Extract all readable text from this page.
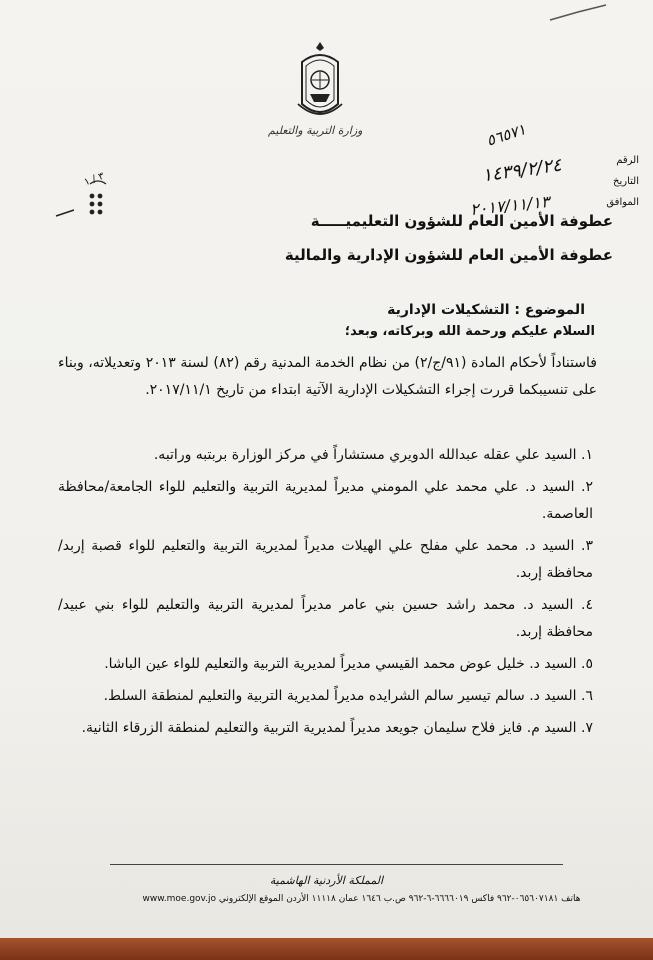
وزارة التربية والتعليم	٥٦٥٧١
١٤٣٩/٢/٢٤
٢٠١٧/١١/١٣
الرقم
التاريخ
الموافق
٣ / ١
عطوفة الأمين العام للشؤون التعليميـــــة
عطوفة الأمين العام للشؤون الإدارية والمالية
الموضوع : التشكيلات الإدارية
السلام عليكم ورحمة الله وبركاته، وبعد؛
فاستناداً لأحكام المادة (٩١/ج/٢) من نظام الخدمة المدنية رقم (٨٢) لسنة ٢٠١٣ وتعديلاته، وبناء على تنسيبكما قررت إجراء التشكيلات الإدارية الآتية ابتداء من تاريخ ٢٠١٧/١١/١.
١. السيد علي عقله عبدالله الدويري مستشاراً في مركز الوزارة بربتبه وراتبه.
٢. السيد د. علي محمد علي المومني مديراً لمديرية التربية والتعليم للواء الجامعة/محافظة العاصمة.
٣. السيد د. محمد علي مفلح علي الهيلات مديراً لمديرية التربية والتعليم للواء قصبة إربد/محافظة إربد.
٤. السيد د. محمد راشد حسين بني عامر مديراً لمديرية التربية والتعليم للواء بني عبيد/محافظة إربد.
٥. السيد د. خليل عوض محمد القيسي مديراً لمديرية التربية والتعليم للواء عين الباشا.
٦. السيد د. سالم تيسير سالم الشرايده مديراً لمديرية التربية والتعليم لمنطقة السلط.
٧. السيد م. فايز فلاح سليمان جويعد مديراً لمديرية التربية والتعليم لمنطقة الزرقاء الثانية.
المملكة الأردنية الهاشمية
هاتف ٠٦٥٦٠٧١٨١-٩٦٢ فاكس ٦٦٦٦٠١٩-٦-٩٦٢ ص.ب ١٦٤٦ عمان ١١١١٨ الأردن الموقع الإلكتروني www.moe.gov.jo
